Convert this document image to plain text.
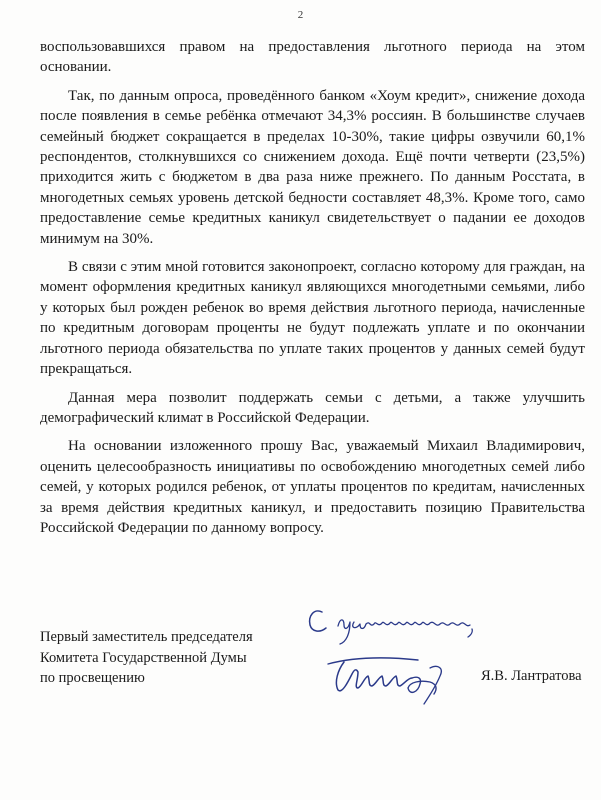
2

воспользовавшихся правом на предоставления льготного периода на этом основании.

Так, по данным опроса, проведённого банком «Хоум кредит», снижение дохода после появления в семье ребёнка отмечают 34,3% россиян. В большинстве случаев семейный бюджет сокращается в пределах 10-30%, такие цифры озвучили 60,1% респондентов, столкнувшихся со снижением дохода. Ещё почти четверти (23,5%) приходится жить с бюджетом в два раза ниже прежнего. По данным Росстата, в многодетных семьях уровень детской бедности составляет 48,3%. Кроме того, само предоставление семье кредитных каникул свидетельствует о падании ее доходов минимум на 30%.

В связи с этим мной готовится законопроект, согласно которому для граждан, на момент оформления кредитных каникул являющихся многодетными семьями, либо у которых был рожден ребенок во время действия льготного периода, начисленные по кредитным договорам проценты не будут подлежать уплате и по окончании льготного периода обязательства по уплате таких процентов у данных семей будут прекращаться.

Данная мера позволит поддержать семьи с детьми, а также улучшить демографический климат в Российской Федерации.

На основании изложенного прошу Вас, уважаемый Михаил Владимирович, оценить целесообразность инициативы по освобождению многодетных семей либо семей, у которых родился ребенок, от уплаты процентов по кредитам, начисленных за время действия кредитных каникул, и предоставить позицию Правительства Российской Федерации по данному вопросу.

Первый заместитель председателя
Комитета Государственной Думы
по просвещению	Я.В. Лантратова
